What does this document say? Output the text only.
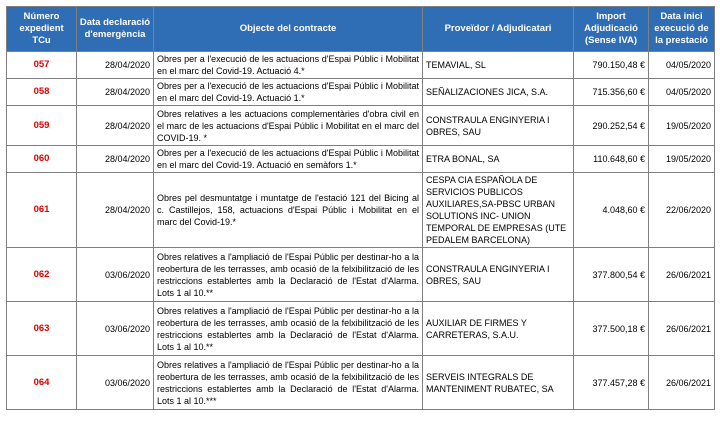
Número expedient TCu	Data declaració d'emergència	Objecte del contracte	Proveïdor / Adjudicatari	Import Adjudicació (Sense IVA)	Data inici execució de la prestació
057	28/04/2020	Obres per a l'execució de les actuacions d'Espai Públic i Mobilitat en el marc del Covid-19. Actuació 4.*	TEMAVIAL, SL	790.150,48 €	04/05/2020
058	28/04/2020	Obres per a l'execució de les actuacions d'Espai Públic i Mobilitat en el marc del Covid-19. Actuació 1.*	SEÑALIZACIONES JICA, S.A.	715.356,60 €	04/05/2020
059	28/04/2020	Obres relatives a les actuacions complementàries d'obra civil en el marc de les actuacions d'Espai Públic i Mobilitat en el marc del COVID-19. *	CONSTRAULA ENGINYERIA I OBRES, SAU	290.252,54 €	19/05/2020
060	28/04/2020	Obres per a l'execució de les actuacions d'Espai Públic i Mobilitat en el marc del Covid-19. Actuació en semàfors 1.*	ETRA BONAL, SA	110.648,60 €	19/05/2020
061	28/04/2020	Obres pel desmuntatge i muntatge de l'estació 121 del Bicing al c. Castillejos, 158, actuacions d'Espai Públic i Mobilitat en el marc del Covid-19.*	CESPA CIA ESPAÑOLA DE SERVICIOS PUBLICOS AUXILIARES,SA-PBSC URBAN SOLUTIONS INC- UNION TEMPORAL DE EMPRESAS (UTE PEDALEM BARCELONA)	4.048,60 €	22/06/2020
062	03/06/2020	Obres relatives a l'ampliació de l'Espai Públic per destinar-ho a la reobertura de les terrasses, amb ocasió de la felxibilització de les restriccions establertes amb la Declaració de l'Estat d'Alarma. Lots 1 al 10.**	CONSTRAULA ENGINYERIA I OBRES, SAU	377.800,54 €	26/06/2021
063	03/06/2020	Obres relatives a l'ampliació de l'Espai Públic per destinar-ho a la reobertura de les terrasses, amb ocasió de la felxibilització de les restriccions establertes amb la Declaració de l'Estat d'Alarma. Lots 1 al 10.**	AUXILIAR DE FIRMES Y CARRETERAS, S.A.U.	377.500,18 €	26/06/2021
064	03/06/2020	Obres relatives a l'ampliació de l'Espai Públic per destinar-ho a la reobertura de les terrasses, amb ocasió de la felxibilització de les restriccions establertes amb la Declaració de l'Estat d'Alarma. Lots 1 al 10.***	SERVEIS INTEGRALS DE MANTENIMENT RUBATEC, SA	377.457,28 €	26/06/2021
